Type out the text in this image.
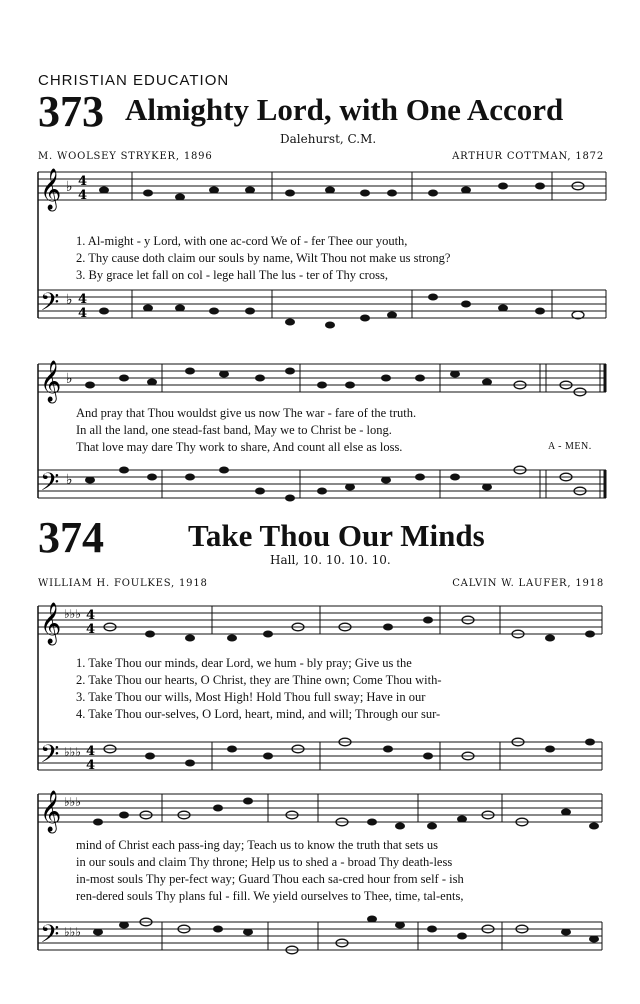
CHRISTIAN EDUCATION
373 Almighty Lord, with One Accord
Dalehurst, C.M.
M. WOOLSEY STRYKER, 1896	ARTHUR COTTMAN, 1872
𝄞
𝄢
♭
♭
4
4
4
4
1. Al-might - y Lord, with one ac-cord We of - fer Thee our youth,
2. Thy cause doth claim our souls by name, Wilt Thou not make us strong?
3. By grace let fall on col - lege hall The lus - ter of Thy cross,
𝄞
𝄢
♭
♭
And pray that Thou wouldst give us now The war - fare of the truth.
In all the land, one stead-fast band, May we to Christ be - long.
That love may dare Thy work to share, And count all else as loss.	A - MEN.
374	Take Thou Our Minds
Hall, 10. 10. 10. 10.
WILLIAM H. FOULKES, 1918	CALVIN W. LAUFER, 1918
𝄞
𝄢
♭♭♭
♭♭♭
4
4
4
4
1. Take Thou our minds, dear Lord, we hum - bly pray; Give us the
2. Take Thou our hearts, O Christ, they are Thine own; Come Thou with-
3. Take Thou our wills, Most High! Hold Thou full sway; Have in our
4. Take Thou our-selves, O Lord, heart, mind, and will; Through our sur-
𝄞
𝄢
♭♭♭
♭♭♭
mind of Christ each pass-ing day; Teach us to know the truth that sets us
in our souls and claim Thy throne; Help us to shed a - broad Thy death-less
in-most souls Thy per-fect way; Guard Thou each sa-cred hour from self - ish
ren-dered souls Thy plans ful - fill. We yield ourselves to Thee, time, tal-ents,
